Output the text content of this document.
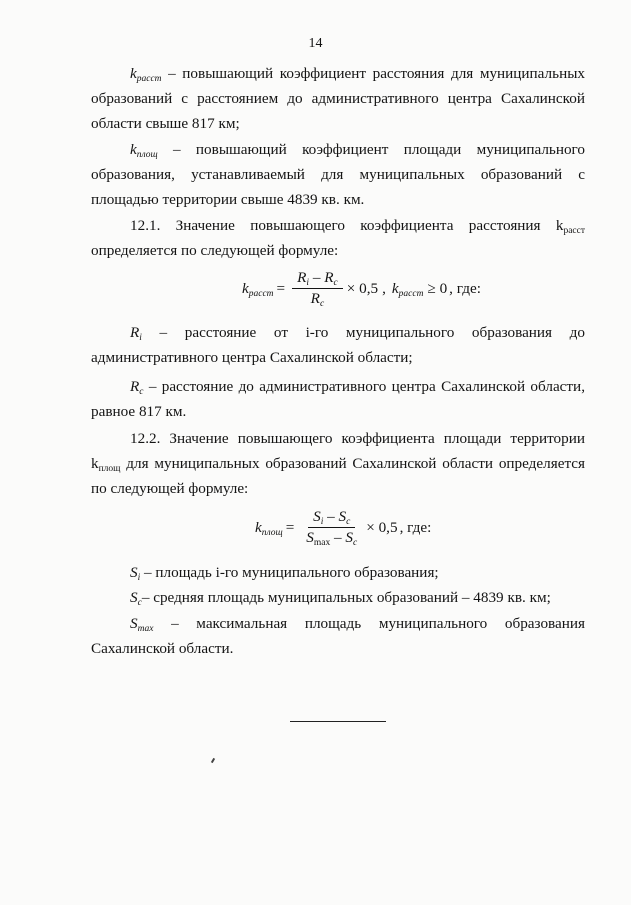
14
$k_{расст}$ – повышающий коэффициент расстояния для муниципальных образований с расстоянием до административного центра Сахалинской области свыше 817 км;
$k_{площ}$ – повышающий коэффициент площади муниципального образования, устанавливаемый для муниципальных образований с площадью территории свыше 4839 кв. км.
12.1. Значение повышающего коэффициента расстояния $k_{расст}$ определяется по следующей формуле:
$k_{расст} = \frac{R_i - R_c}{R_c} \times 0,5$ , $k_{расст} \ge 0$ , где:
$R_i$ – расстояние от i-го муниципального образования до административного центра Сахалинской области;
$R_c$ – расстояние до административного центра Сахалинской области, равное 817 км.
12.2. Значение повышающего коэффициента площади территории $k_{площ}$ для муниципальных образований Сахалинской области определяется по следующей формуле:
$k_{площ} = \frac{S_i - S_c}{S_{max} - S_c} \times 0,5$ , где:
$S_i$ – площадь i-го муниципального образования;
$S_c-$ средняя площадь муниципальных образований – 4839 кв. км;
$S_{max}$ – максимальная площадь муниципального образования Сахалинской области.
